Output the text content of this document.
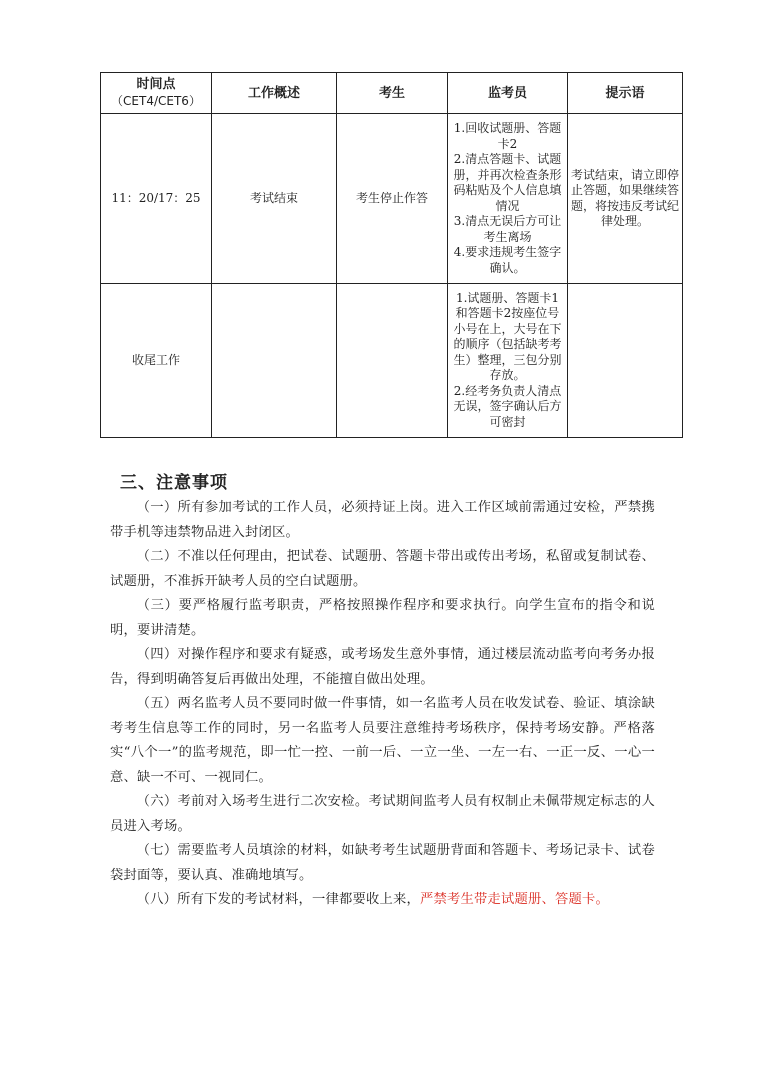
时间点
（CET4/CET6）	工作概述	考生	监考员	提示语
11：20/17：25	考试结束	考生停止作答	1.回收试题册、答题卡2
2.清点答题卡、试题册，并再次检查条形码粘贴及个人信息填情况
3.清点无误后方可让考生离场
4.要求违规考生签字确认。	考试结束，请立即停止答题，如果继续答题，将按违反考试纪律处理。
收尾工作			1.试题册、答题卡1和答题卡2按座位号小号在上，大号在下的顺序（包括缺考考生）整理，三包分别存放。
2.经考务负责人清点无误，签字确认后方可密封	

三、注意事项

（一）所有参加考试的工作人员，必须持证上岗。进入工作区域前需通过安检，严禁携带手机等违禁物品进入封闭区。

（二）不准以任何理由，把试卷、试题册、答题卡带出或传出考场，私留或复制试卷、试题册，不准拆开缺考人员的空白试题册。

（三）要严格履行监考职责，严格按照操作程序和要求执行。向学生宣布的指令和说明，要讲清楚。

（四）对操作程序和要求有疑惑，或考场发生意外事情，通过楼层流动监考向考务办报告，得到明确答复后再做出处理，不能擅自做出处理。

（五）两名监考人员不要同时做一件事情，如一名监考人员在收发试卷、验证、填涂缺考考生信息等工作的同时，另一名监考人员要注意维持考场秩序，保持考场安静。严格落实“八个一”的监考规范，即一忙一控、一前一后、一立一坐、一左一右、一正一反、一心一意、缺一不可、一视同仁。

（六）考前对入场考生进行二次安检。考试期间监考人员有权制止未佩带规定标志的人员进入考场。

（七）需要监考人员填涂的材料，如缺考考生试题册背面和答题卡、考场记录卡、试卷袋封面等，要认真、准确地填写。

（八）所有下发的考试材料，一律都要收上来，严禁考生带走试题册、答题卡。
